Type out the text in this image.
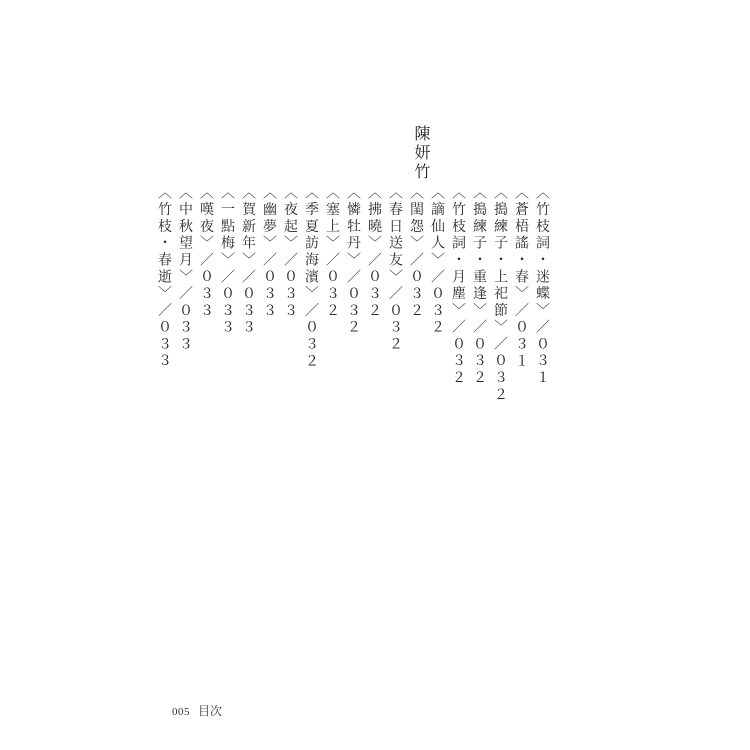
陳妍竹
〈竹枝詞・迷蝶〉／０３１
〈蒼梧謠・春〉／０３１
〈搗練子・上祀節〉／０３２
〈搗練子・重逢〉／０３２
〈竹枝詞・月塵〉／０３２
〈謫仙人〉／０３２
〈閨怨〉／０３２
〈春日送友〉／０３２
〈拂曉〉／０３２
〈憐牡丹〉／０３２
〈塞上〉／０３２
〈季夏訪海濱〉／０３２
〈夜起〉／０３３
〈幽夢〉／０３３
〈賀新年〉／０３３
〈一點梅〉／０３３
〈嘆夜〉／０３３
〈中秋望月〉／０３３
〈竹枝・春逝〉／０３３
005 目次
